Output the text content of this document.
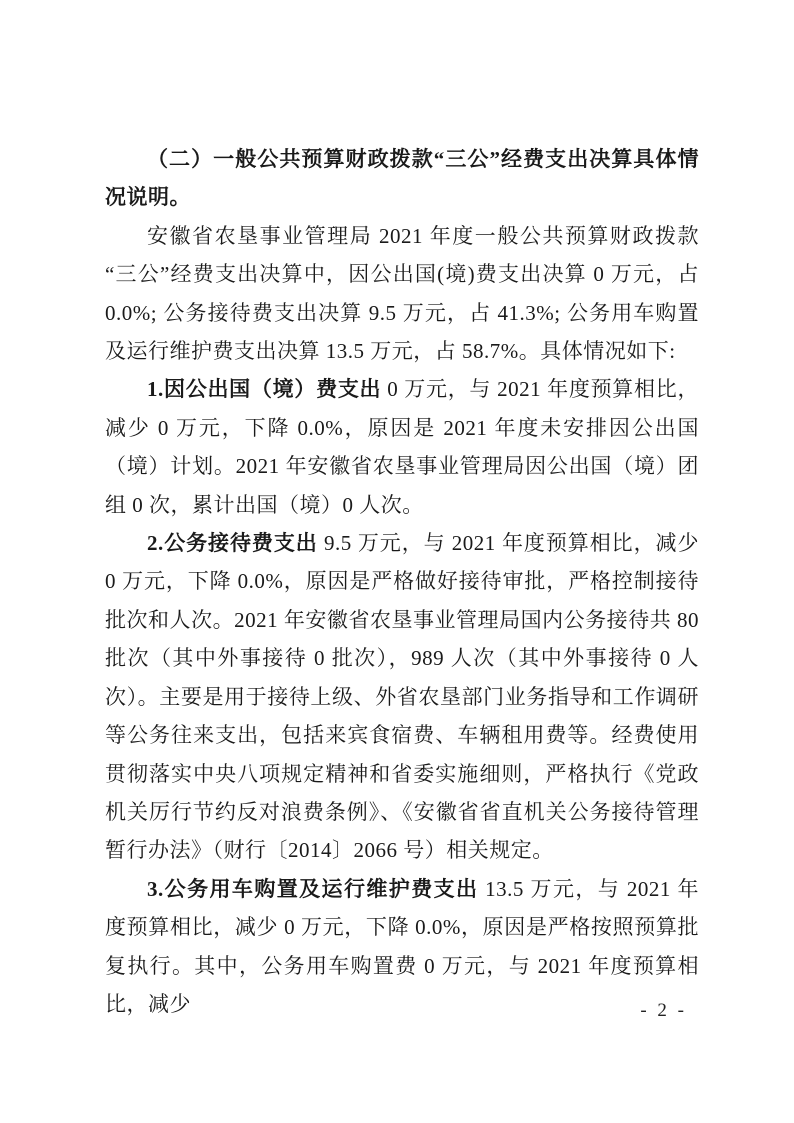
（二）一般公共预算财政拨款“三公”经费支出决算具体情况说明。

安徽省农垦事业管理局 2021 年度一般公共预算财政拨款“三公”经费支出决算中，因公出国(境)费支出决算 0 万元，占 0.0%; 公务接待费支出决算 9.5 万元，占 41.3%; 公务用车购置及运行维护费支出决算 13.5 万元，占 58.7%。具体情况如下:

1.因公出国（境）费支出 0 万元，与 2021 年度预算相比，减少 0 万元，下降 0.0%，原因是 2021 年度未安排因公出国（境）计划。2021 年安徽省农垦事业管理局因公出国（境）团组 0 次，累计出国（境）0 人次。

2.公务接待费支出 9.5 万元，与 2021 年度预算相比，减少 0 万元，下降 0.0%，原因是严格做好接待审批，严格控制接待批次和人次。2021 年安徽省农垦事业管理局国内公务接待共 80 批次（其中外事接待 0 批次），989 人次（其中外事接待 0 人次）。主要是用于接待上级、外省农垦部门业务指导和工作调研等公务往来支出，包括来宾食宿费、车辆租用费等。经费使用贯彻落实中央八项规定精神和省委实施细则，严格执行《党政机关厉行节约反对浪费条例》、《安徽省省直机关公务接待管理暂行办法》（财行〔2014〕2066 号）相关规定。

3.公务用车购置及运行维护费支出 13.5 万元，与 2021 年度预算相比，减少 0 万元，下降 0.0%，原因是严格按照预算批复执行。其中，公务用车购置费 0 万元，与 2021 年度预算相比，减少	- 2 -
